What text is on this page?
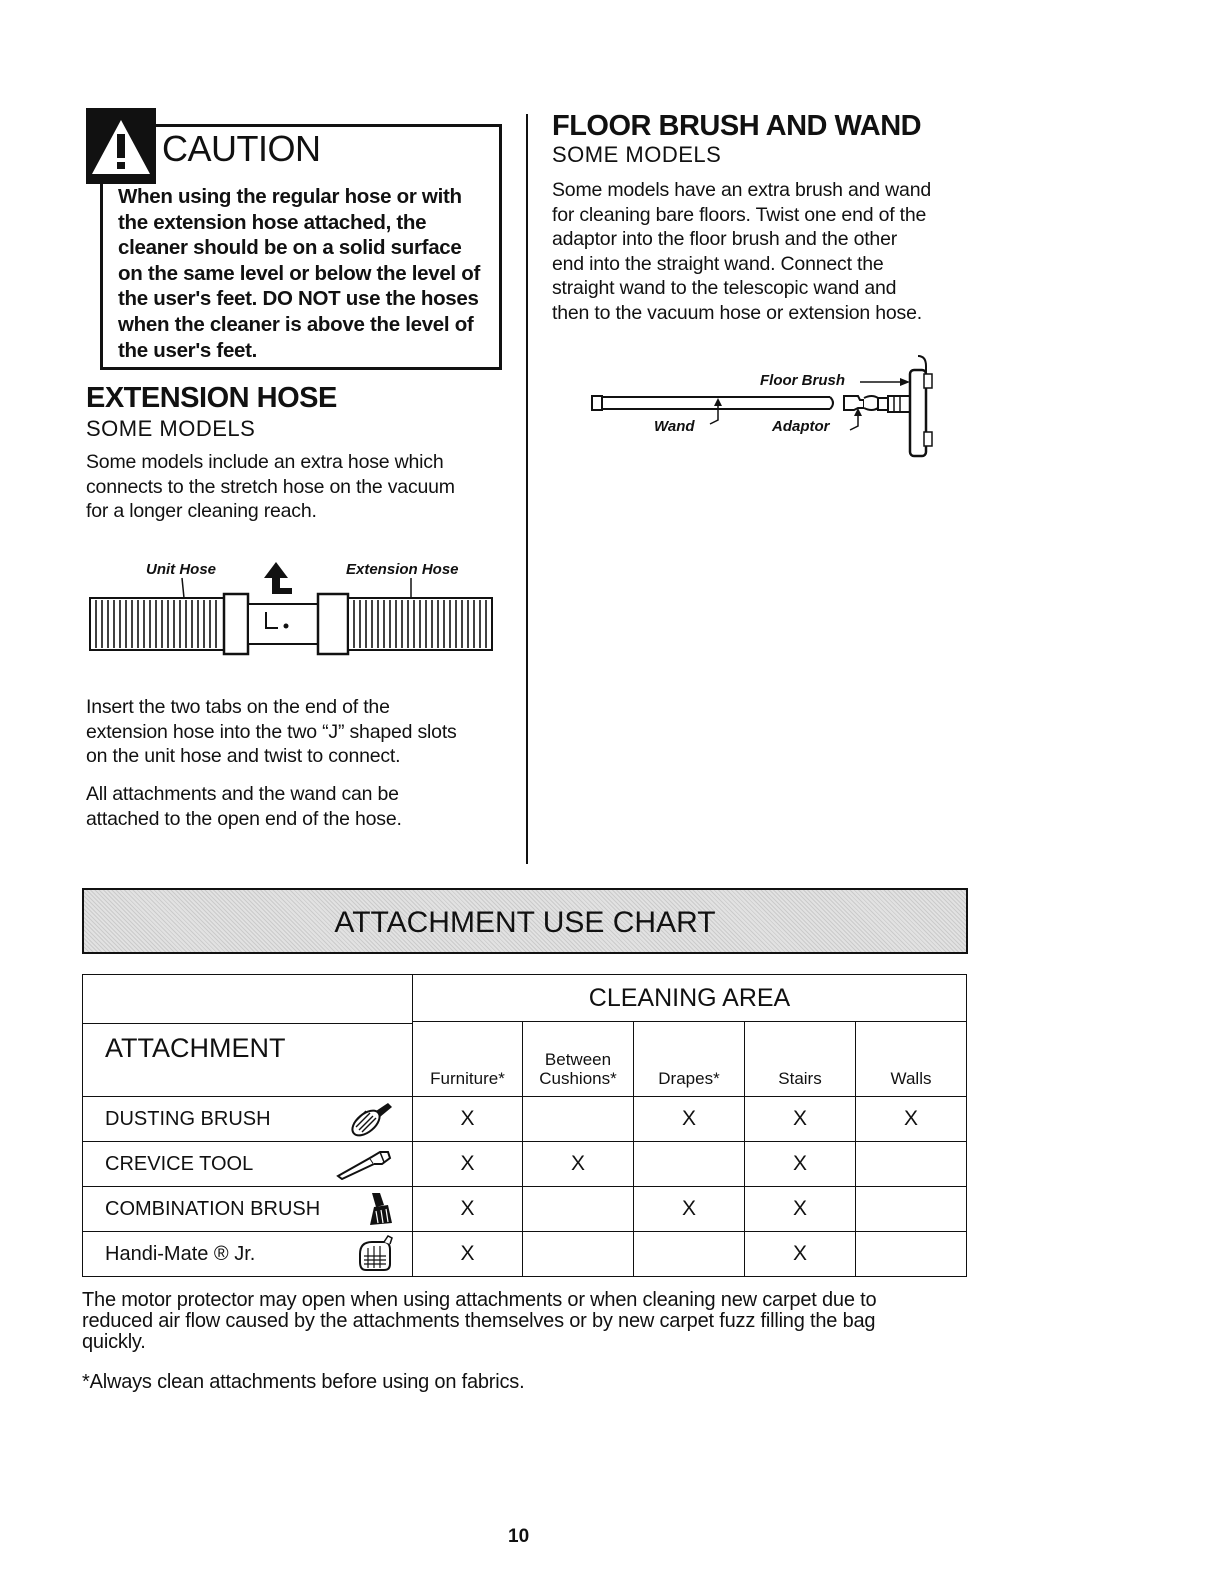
CAUTION
When using the regular hose or with
the extension hose attached, the
cleaner should be on a solid surface
on the same level or below the level of
the user's feet. DO NOT use the hoses
when the cleaner is above the level of
the user's feet.
EXTENSION HOSE
SOME MODELS
Some models include an extra hose which
connects to the stretch hose on the vacuum
for a longer cleaning reach.
Unit Hose	Extension Hose
Insert the two tabs on the end of the
extension hose into the two “J” shaped slots
on the unit hose and twist to connect.
All attachments and the wand can be
attached to the open end of the hose.
FLOOR BRUSH AND WAND
SOME MODELS
Some models have an extra brush and wand
for cleaning bare floors. Twist one end of the
adaptor into the floor brush and the other
end into the straight wand. Connect the
straight wand to the telescopic wand and
then to the vacuum hose or extension hose.
Floor Brush
Wand	Adaptor
ATTACHMENT USE CHART
ATTACHMENT	CLEANING AREA				

	Furniture*	Between
Cushions*	Drapes*	Stairs	Walls

DUSTING BRUSH	X		X	X	X
CREVICE TOOL	X	X		X	
COMBINATION BRUSH	X		X	X	
Handi-Mate ® Jr.	X			X	
The motor protector may open when using attachments or when cleaning new carpet due to
reduced air flow caused by the attachments themselves or by new carpet fuzz filling the bag
quickly.
*Always clean attachments before using on fabrics.
10
